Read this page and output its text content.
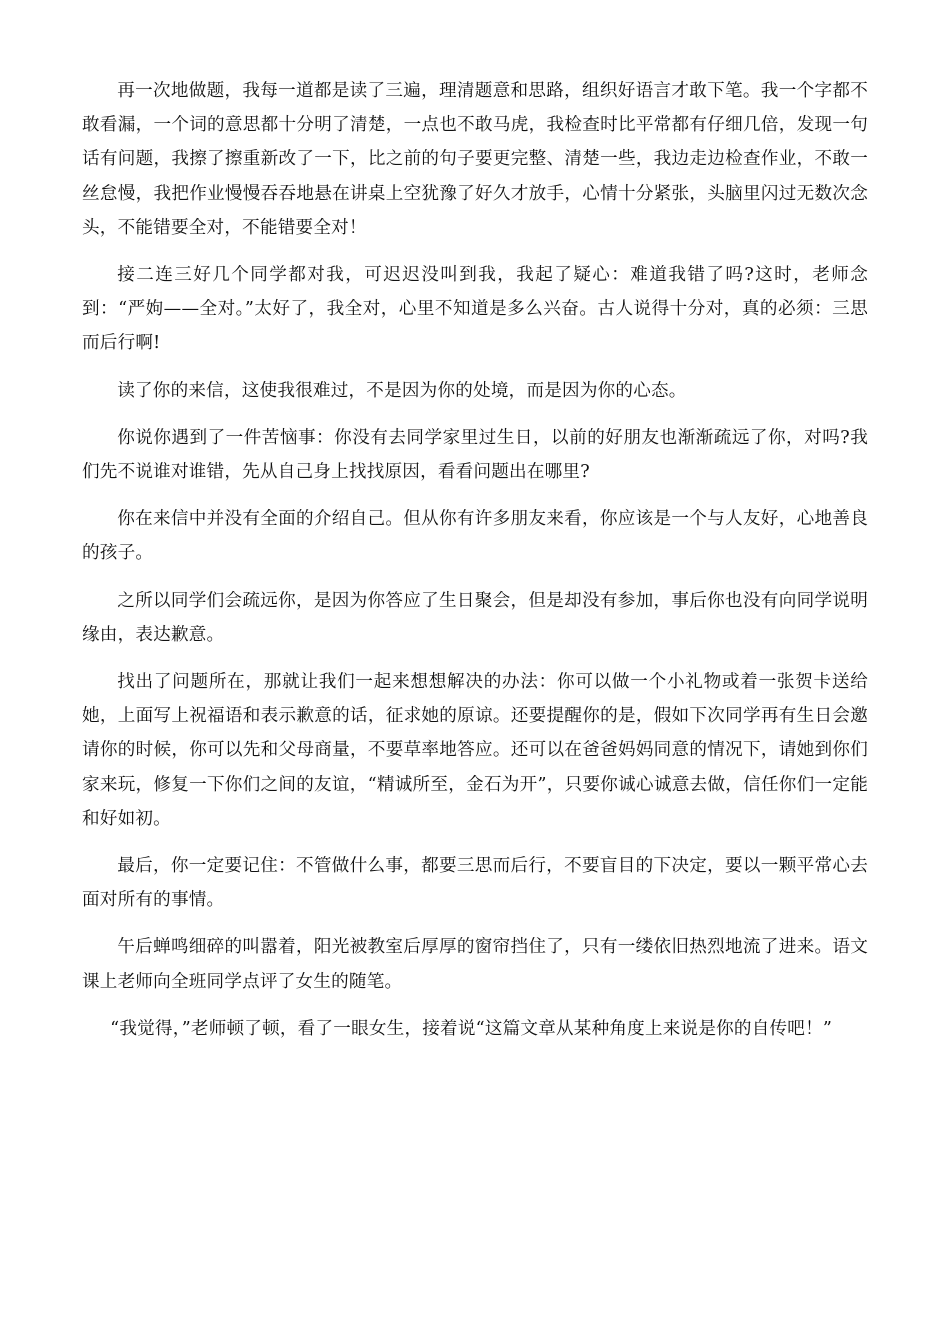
再一次地做题，我每一道都是读了三遍，理清题意和思路，组织好语言才敢下笔。我一个字都不敢看漏，一个词的意思都十分明了清楚，一点也不敢马虎，我检查时比平常都有仔细几倍，发现一句话有问题，我擦了擦重新改了一下，比之前的句子要更完整、清楚一些，我边走边检查作业，不敢一丝怠慢，我把作业慢慢吞吞地悬在讲桌上空犹豫了好久才放手，心情十分紧张，头脑里闪过无数次念头，不能错要全对，不能错要全对！

接二连三好几个同学都对我，可迟迟没叫到我，我起了疑心：难道我错了吗?这时，老师念到：“严姁——全对。”太好了，我全对，心里不知道是多么兴奋。古人说得十分对，真的必须：三思而后行啊!

读了你的来信，这使我很难过，不是因为你的处境，而是因为你的心态。

你说你遇到了一件苦恼事：你没有去同学家里过生日，以前的好朋友也渐渐疏远了你，对吗?我们先不说谁对谁错，先从自己身上找找原因，看看问题出在哪里?

你在来信中并没有全面的介绍自己。但从你有许多朋友来看，你应该是一个与人友好，心地善良的孩子。

之所以同学们会疏远你，是因为你答应了生日聚会，但是却没有参加，事后你也没有向同学说明缘由，表达歉意。

找出了问题所在，那就让我们一起来想想解决的办法：你可以做一个小礼物或着一张贺卡送给她，上面写上祝福语和表示歉意的话，征求她的原谅。还要提醒你的是，假如下次同学再有生日会邀请你的时候，你可以先和父母商量，不要草率地答应。还可以在爸爸妈妈同意的情况下，请她到你们家来玩，修复一下你们之间的友谊，“精诚所至，金石为开”，只要你诚心诚意去做，信任你们一定能和好如初。

最后，你一定要记住：不管做什么事，都要三思而后行，不要盲目的下决定，要以一颗平常心去面对所有的事情。

午后蝉鸣细碎的叫嚣着，阳光被教室后厚厚的窗帘挡住了，只有一缕依旧热烈地流了进来。语文课上老师向全班同学点评了女生的随笔。

“我觉得，”老师顿了顿，看了一眼女生，接着说“这篇文章从某种角度上来说是你的自传吧！”
